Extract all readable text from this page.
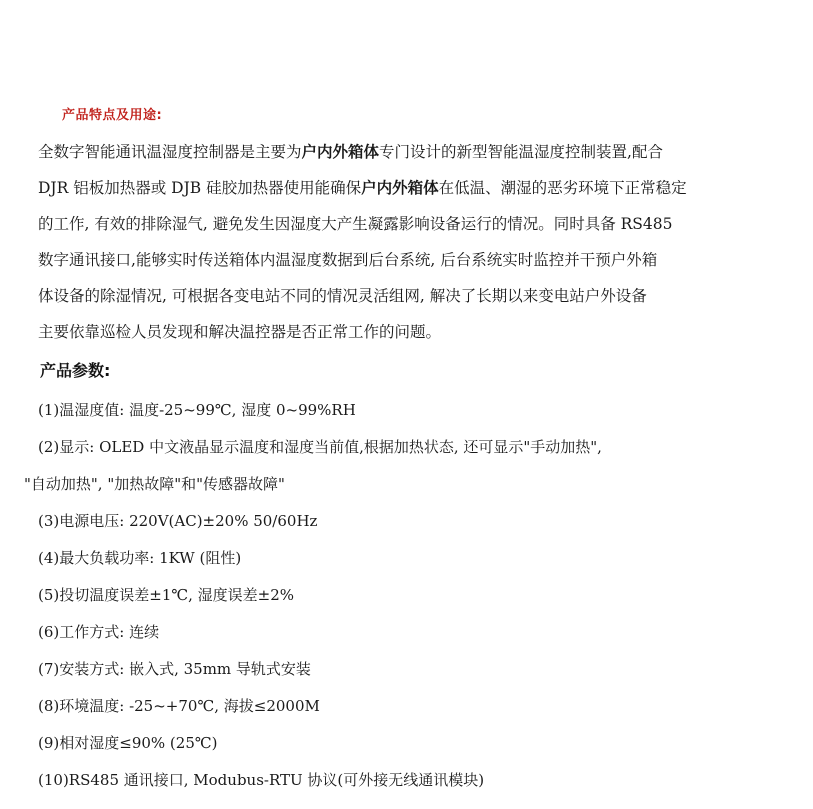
产品特点及用途:
全数字智能通讯温湿度控制器是主要为户内外箱体专门设计的新型智能温湿度控制装置,配合
DJR 铝板加热器或 DJB 硅胶加热器使用能确保户内外箱体在低温、潮湿的恶劣环境下正常稳定
的工作, 有效的排除湿气, 避免发生因湿度大产生凝露影响设备运行的情况。同时具备 RS485
数字通讯接口,能够实时传送箱体内温湿度数据到后台系统, 后台系统实时监控并干预户外箱
体设备的除湿情况, 可根据各变电站不同的情况灵活组网, 解决了长期以来变电站户外设备
主要依靠巡检人员发现和解决温控器是否正常工作的问题。
产品参数:
(1)温湿度值: 温度-25~99℃, 湿度 0~99%RH
(2)显示: OLED 中文液晶显示温度和湿度当前值,根据加热状态, 还可显示"手动加热",
"自动加热", "加热故障"和"传感器故障"
(3)电源电压: 220V(AC)±20% 50/60Hz
(4)最大负载功率: 1KW (阻性)
(5)投切温度误差±1℃, 湿度误差±2%
(6)工作方式: 连续
(7)安装方式: 嵌入式, 35mm 导轨式安装
(8)环境温度: -25~+70℃, 海拔≤2000M
(9)相对湿度≤90% (25℃)
(10)RS485 通讯接口, Modubus-RTU 协议(可外接无线通讯模块)
